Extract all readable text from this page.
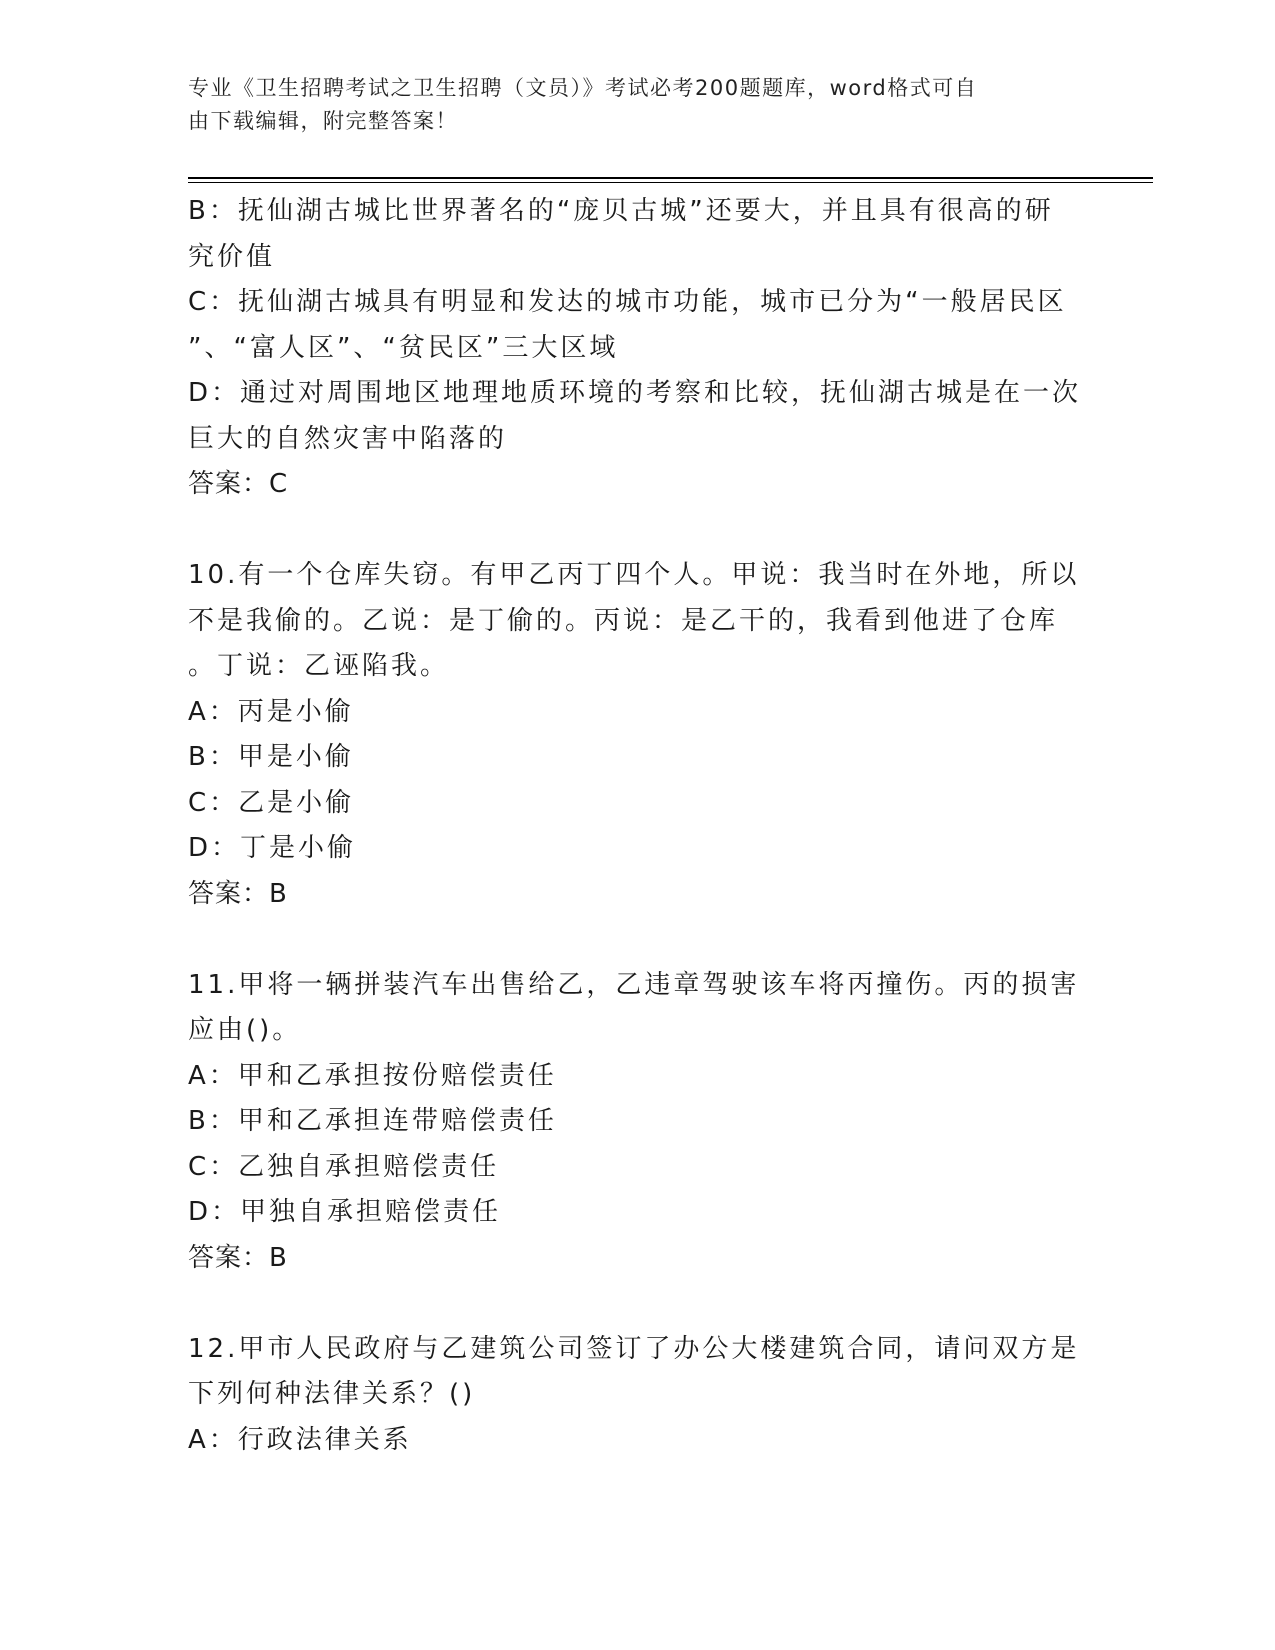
专业《卫生招聘考试之卫生招聘（文员）》考试必考200题题库，word格式可自
由下载编辑，附完整答案！
B：抚仙湖古城比世界著名的“庞贝古城”还要大，并且具有很高的研
究价值
C：抚仙湖古城具有明显和发达的城市功能，城市已分为“一般居民区
”、“富人区”、“贫民区”三大区域
D：通过对周围地区地理地质环境的考察和比较，抚仙湖古城是在一次
巨大的自然灾害中陷落的
答案：C
10.有一个仓库失窃。有甲乙丙丁四个人。甲说：我当时在外地，所以
不是我偷的。乙说：是丁偷的。丙说：是乙干的，我看到他进了仓库
。丁说：乙诬陷我。
A：丙是小偷
B：甲是小偷
C：乙是小偷
D：丁是小偷
答案：B
11.甲将一辆拼装汽车出售给乙，乙违章驾驶该车将丙撞伤。丙的损害
应由()。
A：甲和乙承担按份赔偿责任
B：甲和乙承担连带赔偿责任
C：乙独自承担赔偿责任
D：甲独自承担赔偿责任
答案：B
12.甲市人民政府与乙建筑公司签订了办公大楼建筑合同，请问双方是
下列何种法律关系？()
A：行政法律关系
